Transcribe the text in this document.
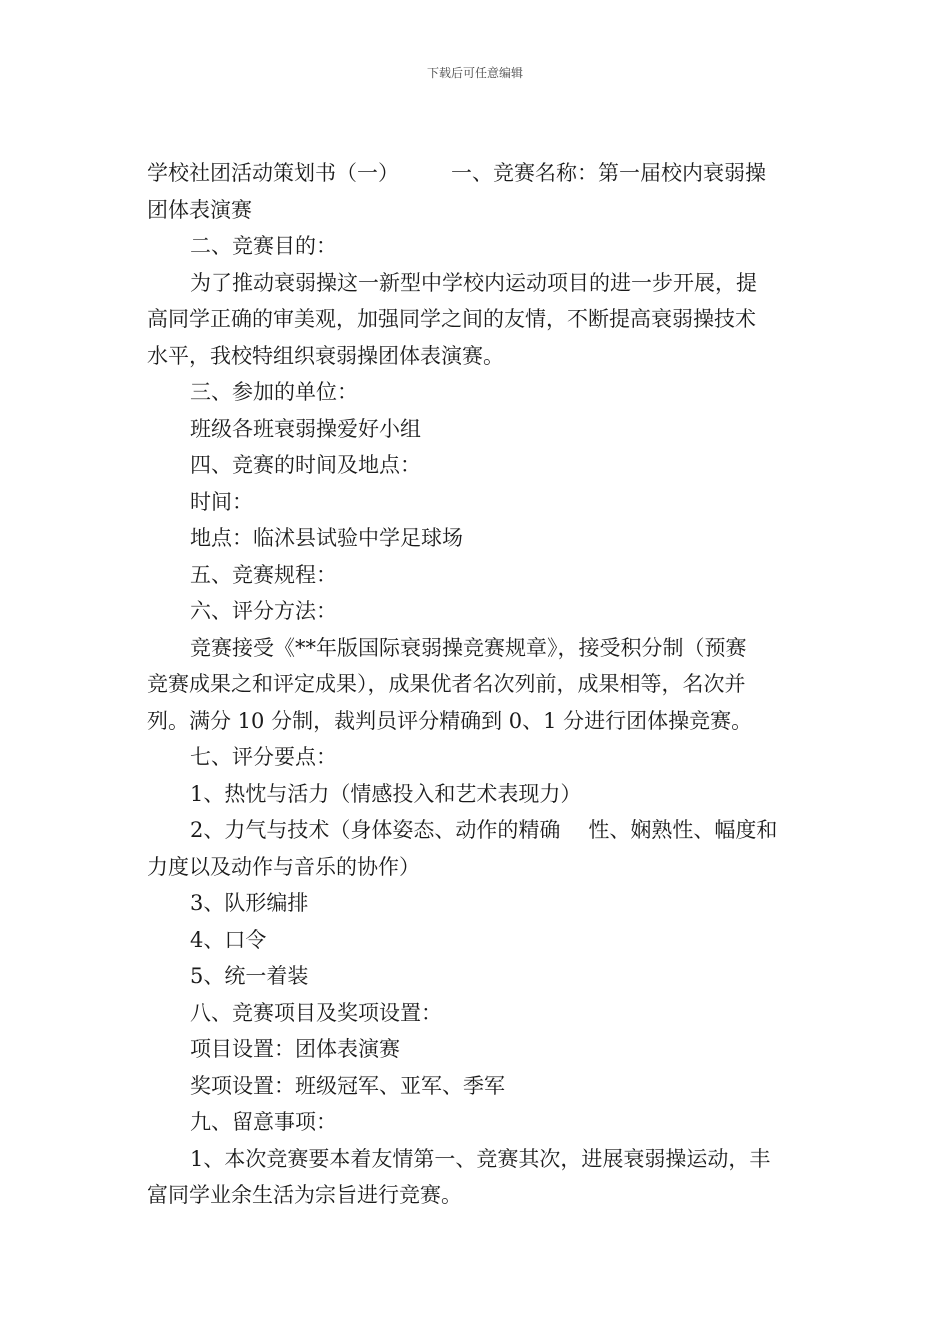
下载后可任意编辑
学校社团活动策划书（一） 一、竞赛名称：第一届校内衰弱操
团体表演赛
二、竞赛目的：
为了推动衰弱操这一新型中学校内运动项目的进一步开展，提
高同学正确的审美观，加强同学之间的友情，不断提高衰弱操技术
水平，我校特组织衰弱操团体表演赛。
三、参加的单位：
班级各班衰弱操爱好小组
四、竞赛的时间及地点：
时间：
地点：临沭县试验中学足球场
五、竞赛规程：
六、评分方法：
竞赛接受《**年版国际衰弱操竞赛规章》，接受积分制（预赛
竞赛成果之和评定成果），成果优者名次列前，成果相等，名次并
列。满分 10 分制，裁判员评分精确到 0、1 分进行团体操竞赛。
七、评分要点：
1、热忱与活力（情感投入和艺术表现力）
2、力气与技术（身体姿态、动作的精确 性、娴熟性、幅度和
力度以及动作与音乐的协作）
3、队形编排
4、口令
5、统一着装
八、竞赛项目及奖项设置：
项目设置：团体表演赛
奖项设置：班级冠军、亚军、季军
九、留意事项：
1、本次竞赛要本着友情第一、竞赛其次，进展衰弱操运动，丰
富同学业余生活为宗旨进行竞赛。
